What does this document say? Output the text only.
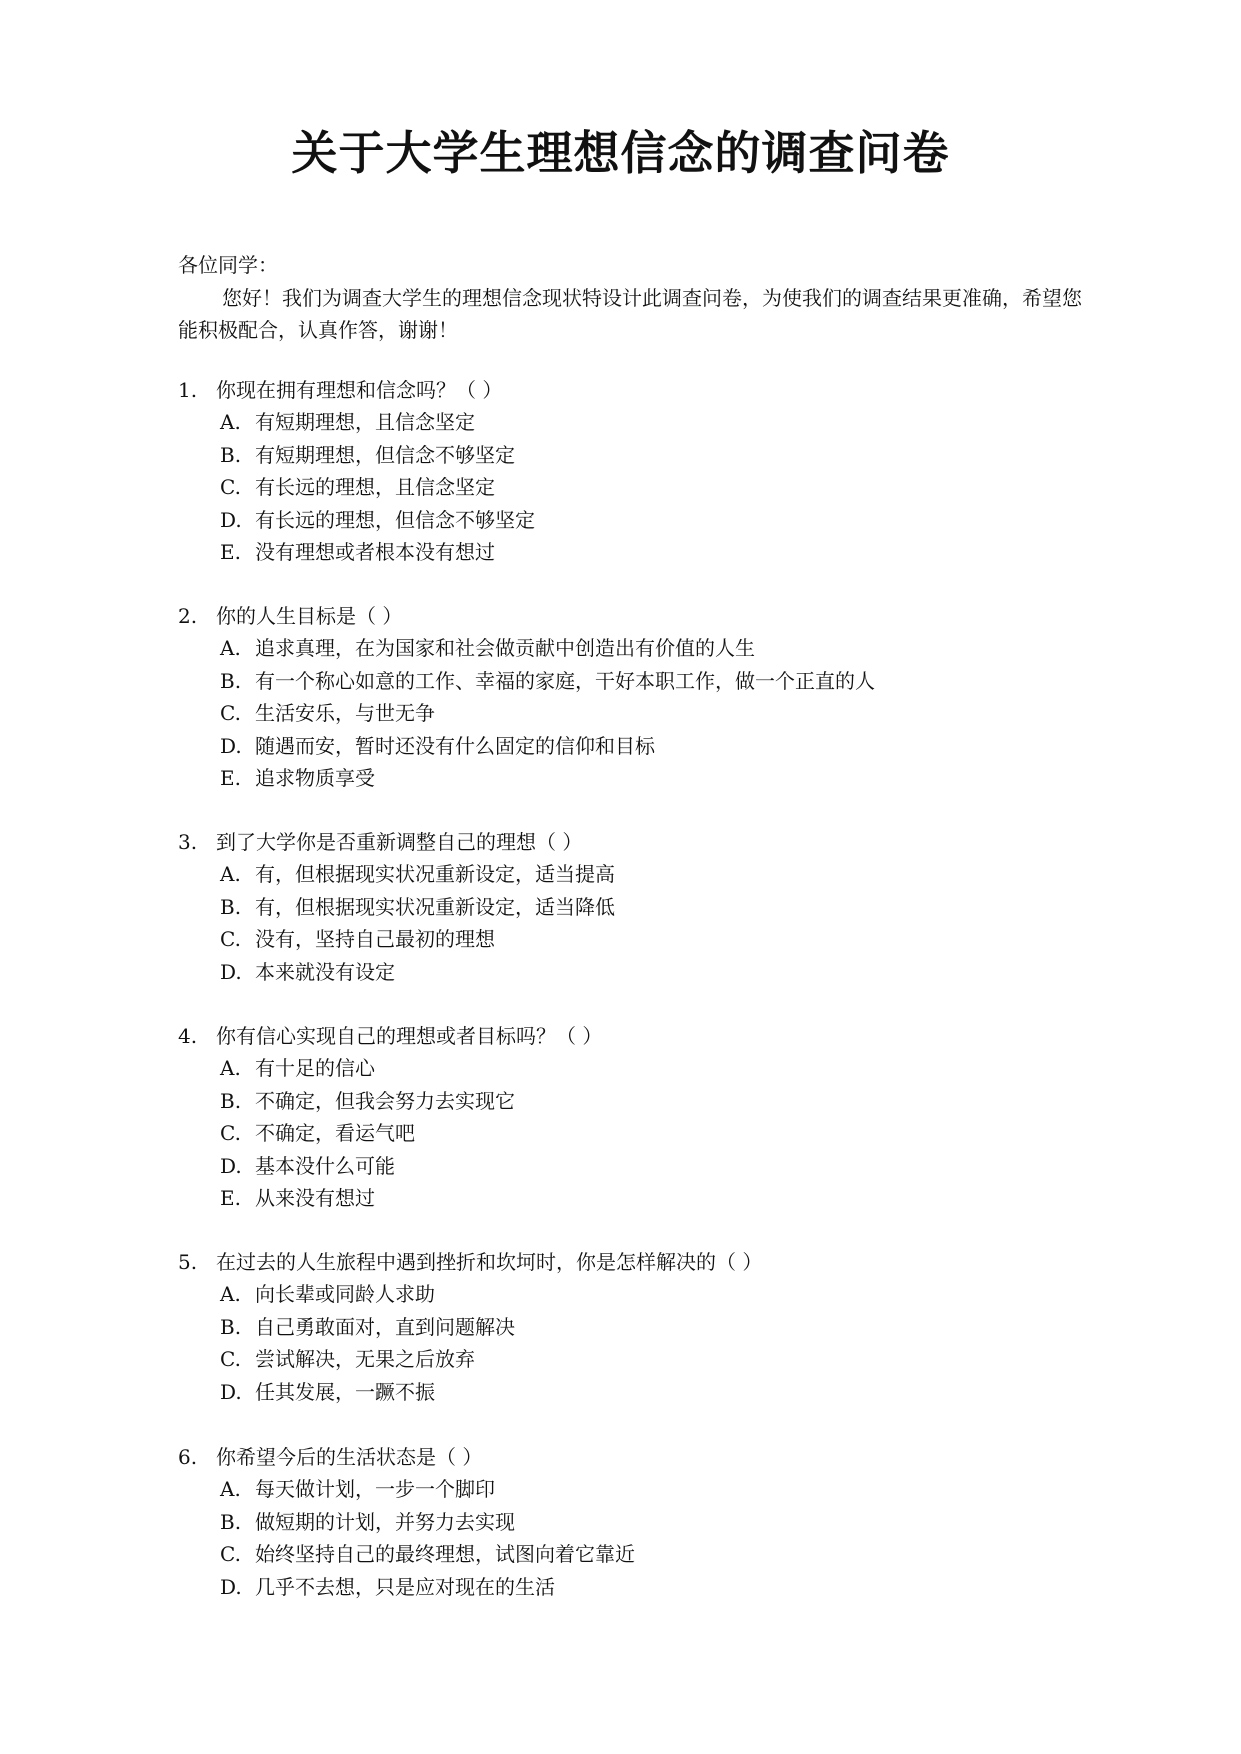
关于大学生理想信念的调查问卷
各位同学：
您好！我们为调查大学生的理想信念现状特设计此调查问卷，为使我们的调查结果更准确，希望您能积极配合，认真作答，谢谢！
1. 你现在拥有理想和信念吗？（ ）
A. 有短期理想，且信念坚定
B. 有短期理想，但信念不够坚定
C. 有长远的理想，且信念坚定
D. 有长远的理想，但信念不够坚定
E. 没有理想或者根本没有想过
2. 你的人生目标是（ ）
A. 追求真理，在为国家和社会做贡献中创造出有价值的人生
B. 有一个称心如意的工作、幸福的家庭，干好本职工作，做一个正直的人
C. 生活安乐，与世无争
D. 随遇而安，暂时还没有什么固定的信仰和目标
E. 追求物质享受
3. 到了大学你是否重新调整自己的理想（ ）
A. 有，但根据现实状况重新设定，适当提高
B. 有，但根据现实状况重新设定，适当降低
C. 没有，坚持自己最初的理想
D. 本来就没有设定
4. 你有信心实现自己的理想或者目标吗？（ ）
A. 有十足的信心
B. 不确定，但我会努力去实现它
C. 不确定，看运气吧
D. 基本没什么可能
E. 从来没有想过
5. 在过去的人生旅程中遇到挫折和坎坷时，你是怎样解决的（ ）
A. 向长辈或同龄人求助
B. 自己勇敢面对，直到问题解决
C. 尝试解决，无果之后放弃
D. 任其发展，一蹶不振
6. 你希望今后的生活状态是（ ）
A. 每天做计划，一步一个脚印
B. 做短期的计划，并努力去实现
C. 始终坚持自己的最终理想，试图向着它靠近
D. 几乎不去想，只是应对现在的生活
